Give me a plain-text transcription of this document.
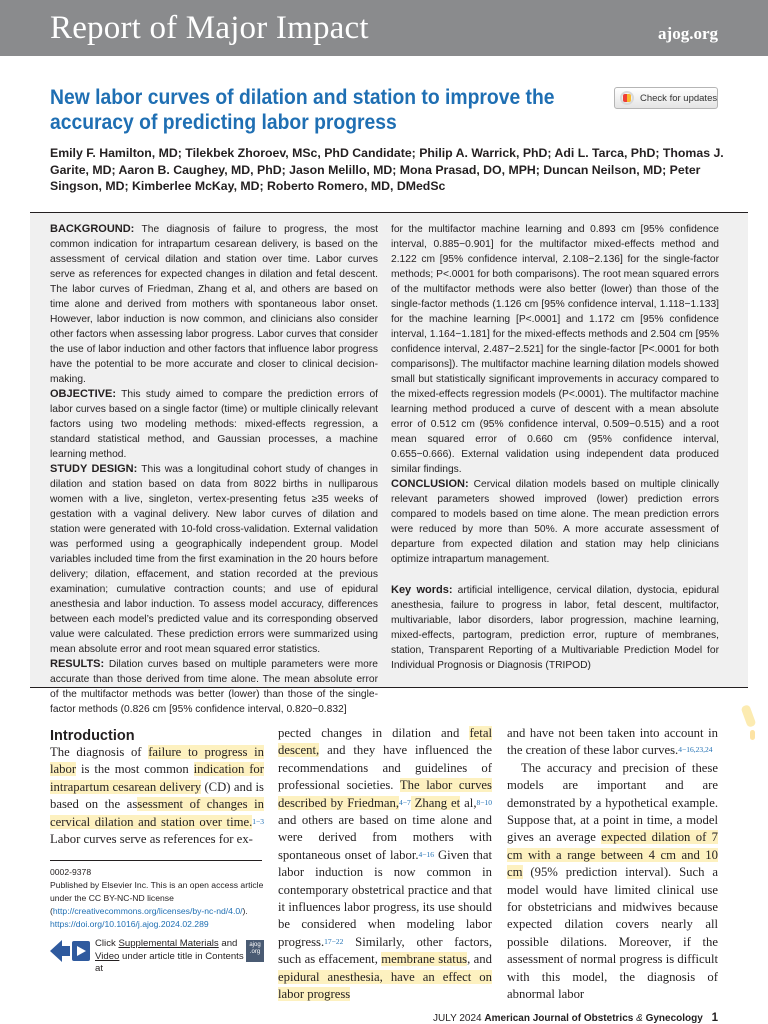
Report of Major Impact	ajog.org
New labor curves of dilation and station to improve the accuracy of predicting labor progress
Check for updates
Emily F. Hamilton, MD; Tilekbek Zhoroev, MSc, PhD Candidate; Philip A. Warrick, PhD; Adi L. Tarca, PhD; Thomas J. Garite, MD; Aaron B. Caughey, MD, PhD; Jason Melillo, MD; Mona Prasad, DO, MPH; Duncan Neilson, MD; Peter Singson, MD; Kimberlee McKay, MD; Roberto Romero, MD, DMedSc

BACKGROUND: The diagnosis of failure to progress, the most common indication for intrapartum cesarean delivery, is based on the assessment of cervical dilation and station over time. Labor curves serve as references for expected changes in dilation and fetal descent. The labor curves of Friedman, Zhang et al, and others are based on time alone and derived from mothers with spontaneous labor onset. However, labor induction is now common, and clinicians also consider other factors when assessing labor progress. Labor curves that consider the use of labor induction and other factors that influence labor progress have the potential to be more accurate and closer to clinical decision-making.

OBJECTIVE: This study aimed to compare the prediction errors of labor curves based on a single factor (time) or multiple clinically relevant factors using two modeling methods: mixed-effects regression, a standard statistical method, and Gaussian processes, a machine learning method.

STUDY DESIGN: This was a longitudinal cohort study of changes in dilation and station based on data from 8022 births in nulliparous women with a live, singleton, vertex-presenting fetus ≥35 weeks of gestation with a vaginal delivery. New labor curves of dilation and station were generated with 10-fold cross-validation. External validation was performed using a geographically independent group. Model variables included time from the first examination in the 20 hours before delivery; dilation, effacement, and station recorded at the previous examination; cumulative contraction counts; and use of epidural anesthesia and labor induction. To assess model accuracy, differences between each model’s predicted value and its corresponding observed value were calculated. These prediction errors were summarized using mean absolute error and root mean squared error statistics.

RESULTS: Dilation curves based on multiple parameters were more accurate than those derived from time alone. The mean absolute error of the multifactor methods was better (lower) than those of the single-factor methods (0.826 cm [95% confidence interval, 0.820−0.832]

for the multifactor machine learning and 0.893 cm [95% confidence interval, 0.885−0.901] for the multifactor mixed-effects method and 2.122 cm [95% confidence interval, 2.108−2.136] for the single-factor methods; P<.0001 for both comparisons). The root mean squared errors of the multifactor methods were also better (lower) than those of the single-factor methods (1.126 cm [95% confidence interval, 1.118−1.133] for the machine learning [P<.0001] and 1.172 cm [95% confidence interval, 1.164−1.181] for the mixed-effects methods and 2.504 cm [95% confidence interval, 2.487−2.521] for the single-factor [P<.0001 for both comparisons]). The multifactor machine learning dilation models showed small but statistically significant improvements in accuracy compared to the mixed-effects regression models (P<.0001). The multifactor machine learning method produced a curve of descent with a mean absolute error of 0.512 cm (95% confidence interval, 0.509−0.515) and a root mean squared error of 0.660 cm (95% confidence interval, 0.655−0.666). External validation using independent data produced similar findings.

CONCLUSION: Cervical dilation models based on multiple clinically relevant parameters showed improved (lower) prediction errors compared to models based on time alone. The mean prediction errors were reduced by more than 50%. A more accurate assessment of departure from expected dilation and station may help clinicians optimize intrapartum management.

Key words: artificial intelligence, cervical dilation, dystocia, epidural anesthesia, failure to progress in labor, fetal descent, multifactor, multivariable, labor disorders, labor progression, machine learning, mixed-effects, partogram, prediction error, rupture of membranes, station, Transparent Reporting of a Multivariable Prediction Model for Individual Prognosis or Diagnosis (TRIPOD)

Introduction

The diagnosis of failure to progress in labor is the most common indication for intrapartum cesarean delivery (CD) and is based on the assessment of changes in cervical dilation and station over time.$^{1-3}$ Labor curves serve as references for ex-

pected changes in dilation and fetal descent, and they have influenced the recommendations and guidelines of professional societies. The labor curves described by Friedman,$^{4-7}$ Zhang et al,$^{8-10}$ and others are based on time alone and were derived from mothers with spontaneous onset of labor.$^{4-16}$ Given that labor induction is now common in contemporary obstetrical practice and that it influences labor progress, its use should be considered when modeling labor progress.$^{17-22}$ Similarly, other factors, such as effacement, membrane status, and epidural anesthesia, have an effect on labor progress

and have not been taken into account in the creation of these labor curves.$^{4-16,23,24}$

The accuracy and precision of these models are important and are demonstrated by a hypothetical example. Suppose that, at a point in time, a model gives an average expected dilation of 7 cm with a range between 4 cm and 10 cm (95% prediction interval). Such a model would have limited clinical use for obstetricians and midwives because expected dilation covers nearly all possible dilations. Moreover, if the assessment of normal progress is difficult with this model, the diagnosis of abnormal labor

0002-9378

Published by Elsevier Inc. This is an open access article under the CC BY-NC-ND license (http://creativecommons.org/licenses/by-nc-nd/4.0/).

https://doi.org/10.1016/j.ajog.2024.02.289

Click Supplemental Materials and Video under article title in Contents at
ajog .org
JULY 2024 American Journal of Obstetrics & Gynecology 1
